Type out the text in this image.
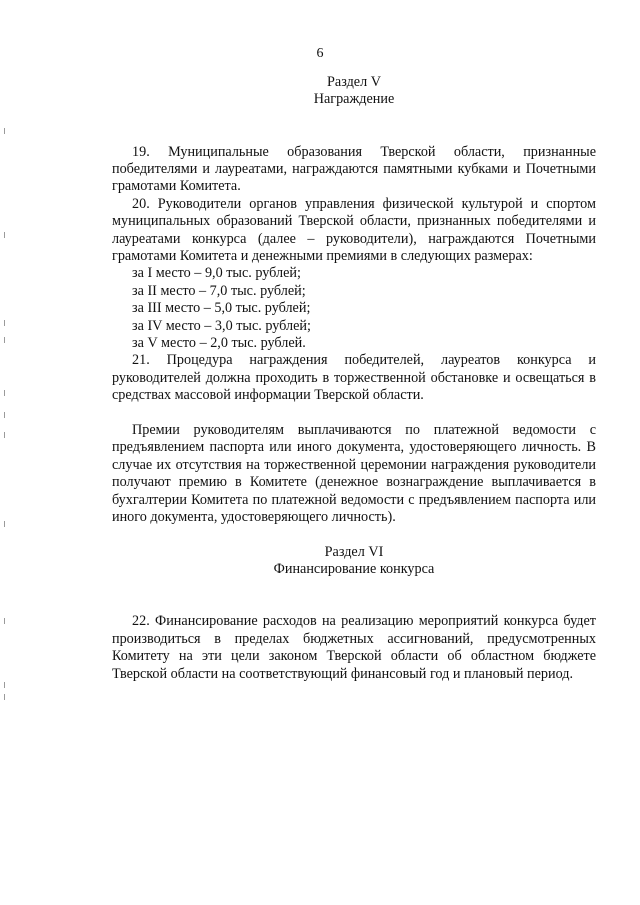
6
Раздел V
Награждение

19. Муниципальные образования Тверской области, признанные победителями и лауреатами, награждаются памятными кубками и Почетными грамотами Комитета.

20. Руководители органов управления физической культурой и спортом муниципальных образований Тверской области, признанных победителями и лауреатами конкурса (далее – руководители), награждаются Почетными грамотами Комитета и денежными премиями в следующих размерах:

за I место – 9,0 тыс. рублей;
за II место – 7,0 тыс. рублей;
за III место – 5,0 тыс. рублей;
за IV место – 3,0 тыс. рублей;
за V место – 2,0 тыс. рублей.

21. Процедура награждения победителей, лауреатов конкурса и руководителей должна проходить в торжественной обстановке и освещаться в средствах массовой информации Тверской области.

Премии руководителям выплачиваются по платежной ведомости с предъявлением паспорта или иного документа, удостоверяющего личность. В случае их отсутствия на торжественной церемонии награждения руководители получают премию в Комитете (денежное вознаграждение выплачивается в бухгалтерии Комитета по платежной ведомости с предъявлением паспорта или иного документа, удостоверяющего личность).

Раздел VI
Финансирование конкурса

22. Финансирование расходов на реализацию мероприятий конкурса будет производиться в пределах бюджетных ассигнований, предусмотренных Комитету на эти цели законом Тверской области об областном бюджете Тверской области на соответствующий финансовый год и плановый период.
